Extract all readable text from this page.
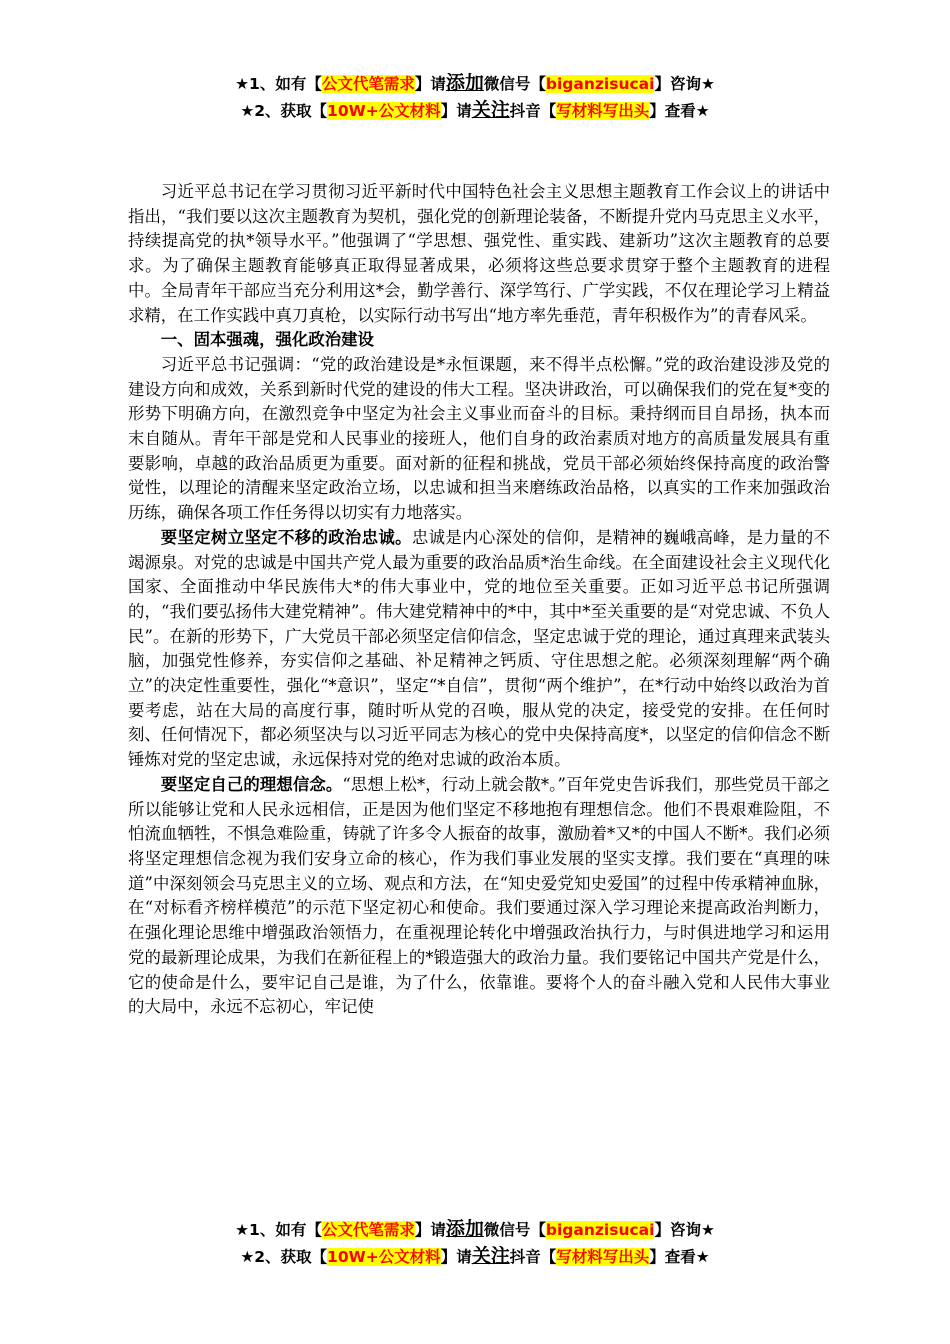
★1、如有【公文代笔需求】请添加微信号【biganzisucai】咨询★
★2、获取【10W+公文材料】请关注抖音【写材料写出头】查看★

习近平总书记在学习贯彻习近平新时代中国特色社会主义思想主题教育工作会议上的讲话中指出，“我们要以这次主题教育为契机，强化党的创新理论装备，不断提升党内马克思主义水平，持续提高党的执*领导水平。”他强调了“学思想、强党性、重实践、建新功”这次主题教育的总要求。为了确保主题教育能够真正取得显著成果，必须将这些总要求贯穿于整个主题教育的进程中。全局青年干部应当充分利用这*会，勤学善行、深学笃行、广学实践，不仅在理论学习上精益求精，在工作实践中真刀真枪，以实际行动书写出“地方率先垂范，青年积极作为”的青春风采。

一、固本强魂，强化政治建设

习近平总书记强调：“党的政治建设是*永恒课题，来不得半点松懈。”党的政治建设涉及党的建设方向和成效，关系到新时代党的建设的伟大工程。坚决讲政治，可以确保我们的党在复*变的形势下明确方向，在激烈竞争中坚定为社会主义事业而奋斗的目标。秉持纲而目自昂扬，执本而末自随从。青年干部是党和人民事业的接班人，他们自身的政治素质对地方的高质量发展具有重要影响，卓越的政治品质更为重要。面对新的征程和挑战，党员干部必须始终保持高度的政治警觉性，以理论的清醒来坚定政治立场，以忠诚和担当来磨练政治品格，以真实的工作来加强政治历练，确保各项工作任务得以切实有力地落实。

要坚定树立坚定不移的政治忠诚。忠诚是内心深处的信仰，是精神的巍峨高峰，是力量的不竭源泉。对党的忠诚是中国共产党人最为重要的政治品质*治生命线。在全面建设社会主义现代化国家、全面推动中华民族伟大*的伟大事业中，党的地位至关重要。正如习近平总书记所强调的，“我们要弘扬伟大建党精神”。伟大建党精神中的*中，其中*至关重要的是“对党忠诚、不负人民”。在新的形势下，广大党员干部必须坚定信仰信念，坚定忠诚于党的理论，通过真理来武装头脑，加强党性修养，夯实信仰之基础、补足精神之钙质、守住思想之舵。必须深刻理解“两个确立”的决定性重要性，强化“*意识”，坚定“*自信”，贯彻“两个维护”，在*行动中始终以政治为首要考虑，站在大局的高度行事，随时听从党的召唤，服从党的决定，接受党的安排。在任何时刻、任何情况下，都必须坚决与以习近平同志为核心的党中央保持高度*，以坚定的信仰信念不断锤炼对党的坚定忠诚，永远保持对党的绝对忠诚的政治本质。

要坚定自己的理想信念。“思想上松*，行动上就会散*。”百年党史告诉我们，那些党员干部之所以能够让党和人民永远相信，正是因为他们坚定不移地抱有理想信念。他们不畏艰难险阻，不怕流血牺牲，不惧急难险重，铸就了许多令人振奋的故事，激励着*又*的中国人不断*。我们必须将坚定理想信念视为我们安身立命的核心，作为我们事业发展的坚实支撑。我们要在“真理的味道”中深刻领会马克思主义的立场、观点和方法，在“知史爱党知史爱国”的过程中传承精神血脉，在“对标看齐榜样模范”的示范下坚定初心和使命。我们要通过深入学习理论来提高政治判断力，在强化理论思维中增强政治领悟力，在重视理论转化中增强政治执行力，与时俱进地学习和运用党的最新理论成果，为我们在新征程上的*锻造强大的政治力量。我们要铭记中国共产党是什么，它的使命是什么，要牢记自己是谁，为了什么，依靠谁。要将个人的奋斗融入党和人民伟大事业的大局中，永远不忘初心，牢记使

★1、如有【公文代笔需求】请添加微信号【biganzisucai】咨询★
★2、获取【10W+公文材料】请关注抖音【写材料写出头】查看★
